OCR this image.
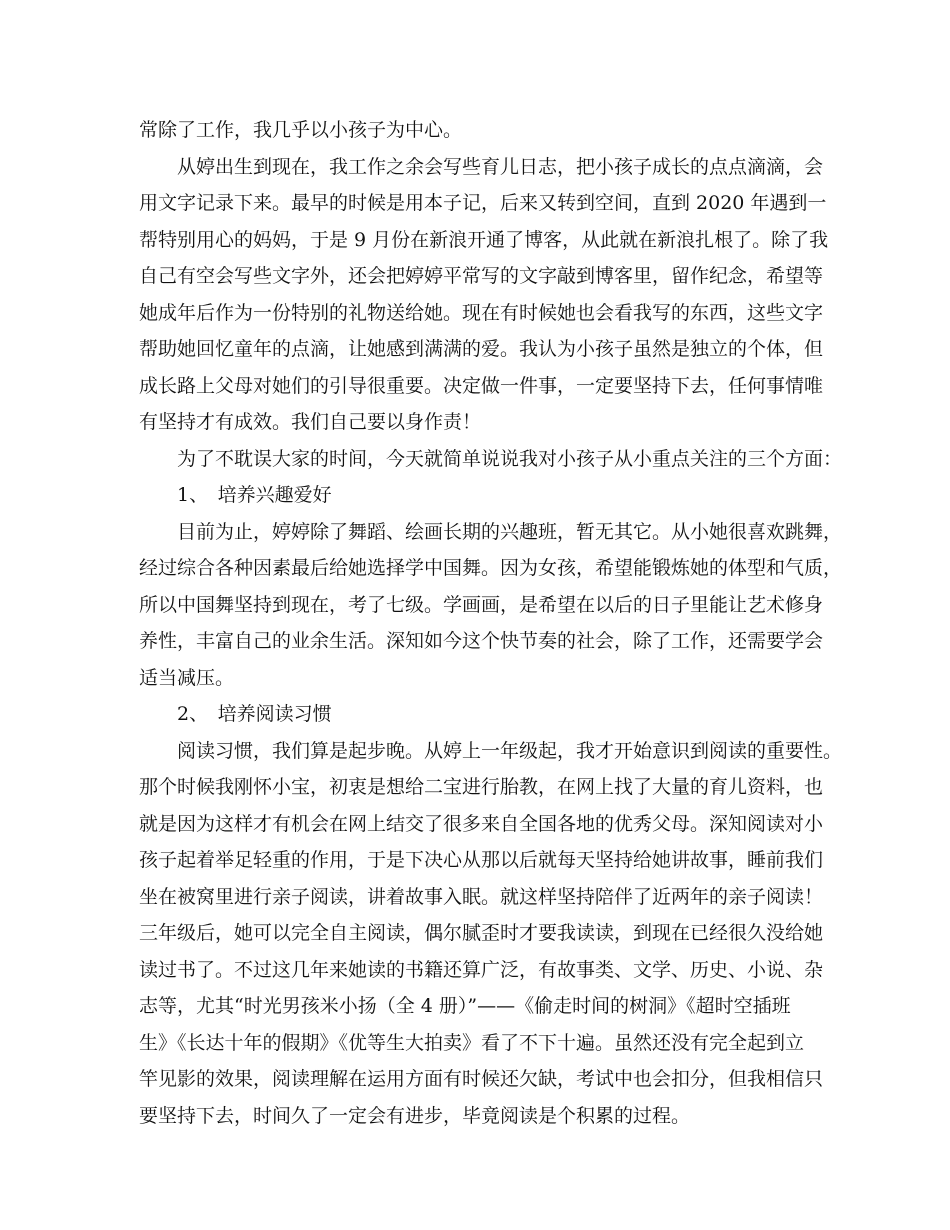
常除了工作，我几乎以小孩子为中心。
从婷出生到现在，我工作之余会写些育儿日志，把小孩子成长的点点滴滴，会
用文字记录下来。最早的时候是用本子记，后来又转到空间，直到 2020 年遇到一
帮特别用心的妈妈，于是 9 月份在新浪开通了博客，从此就在新浪扎根了。除了我
自己有空会写些文字外，还会把婷婷平常写的文字敲到博客里，留作纪念，希望等
她成年后作为一份特别的礼物送给她。现在有时候她也会看我写的东西，这些文字
帮助她回忆童年的点滴，让她感到满满的爱。我认为小孩子虽然是独立的个体，但
成长路上父母对她们的引导很重要。决定做一件事，一定要坚持下去，任何事情唯
有坚持才有成效。我们自己要以身作责！
为了不耽误大家的时间，今天就简单说说我对小孩子从小重点关注的三个方面：
1、　培养兴趣爱好
目前为止，婷婷除了舞蹈、绘画长期的兴趣班，暂无其它。从小她很喜欢跳舞，
经过综合各种因素最后给她选择学中国舞。因为女孩，希望能锻炼她的体型和气质，
所以中国舞坚持到现在，考了七级。学画画，是希望在以后的日子里能让艺术修身
养性，丰富自己的业余生活。深知如今这个快节奏的社会，除了工作，还需要学会
适当减压。
2、　培养阅读习惯
阅读习惯，我们算是起步晚。从婷上一年级起，我才开始意识到阅读的重要性。
那个时候我刚怀小宝，初衷是想给二宝进行胎教，在网上找了大量的育儿资料，也
就是因为这样才有机会在网上结交了很多来自全国各地的优秀父母。深知阅读对小
孩子起着举足轻重的作用，于是下决心从那以后就每天坚持给她讲故事，睡前我们
坐在被窝里进行亲子阅读，讲着故事入眠。就这样坚持陪伴了近两年的亲子阅读！
三年级后，她可以完全自主阅读，偶尔腻歪时才要我读读，到现在已经很久没给她
读过书了。不过这几年来她读的书籍还算广泛，有故事类、文学、历史、小说、杂
志等，尤其“时光男孩米小扬（全 4 册）”——《偷走时间的树洞》《超时空插班
生》《长达十年的假期》《优等生大拍卖》看了不下十遍。虽然还没有完全起到立
竿见影的效果，阅读理解在运用方面有时候还欠缺，考试中也会扣分，但我相信只
要坚持下去，时间久了一定会有进步，毕竟阅读是个积累的过程。
